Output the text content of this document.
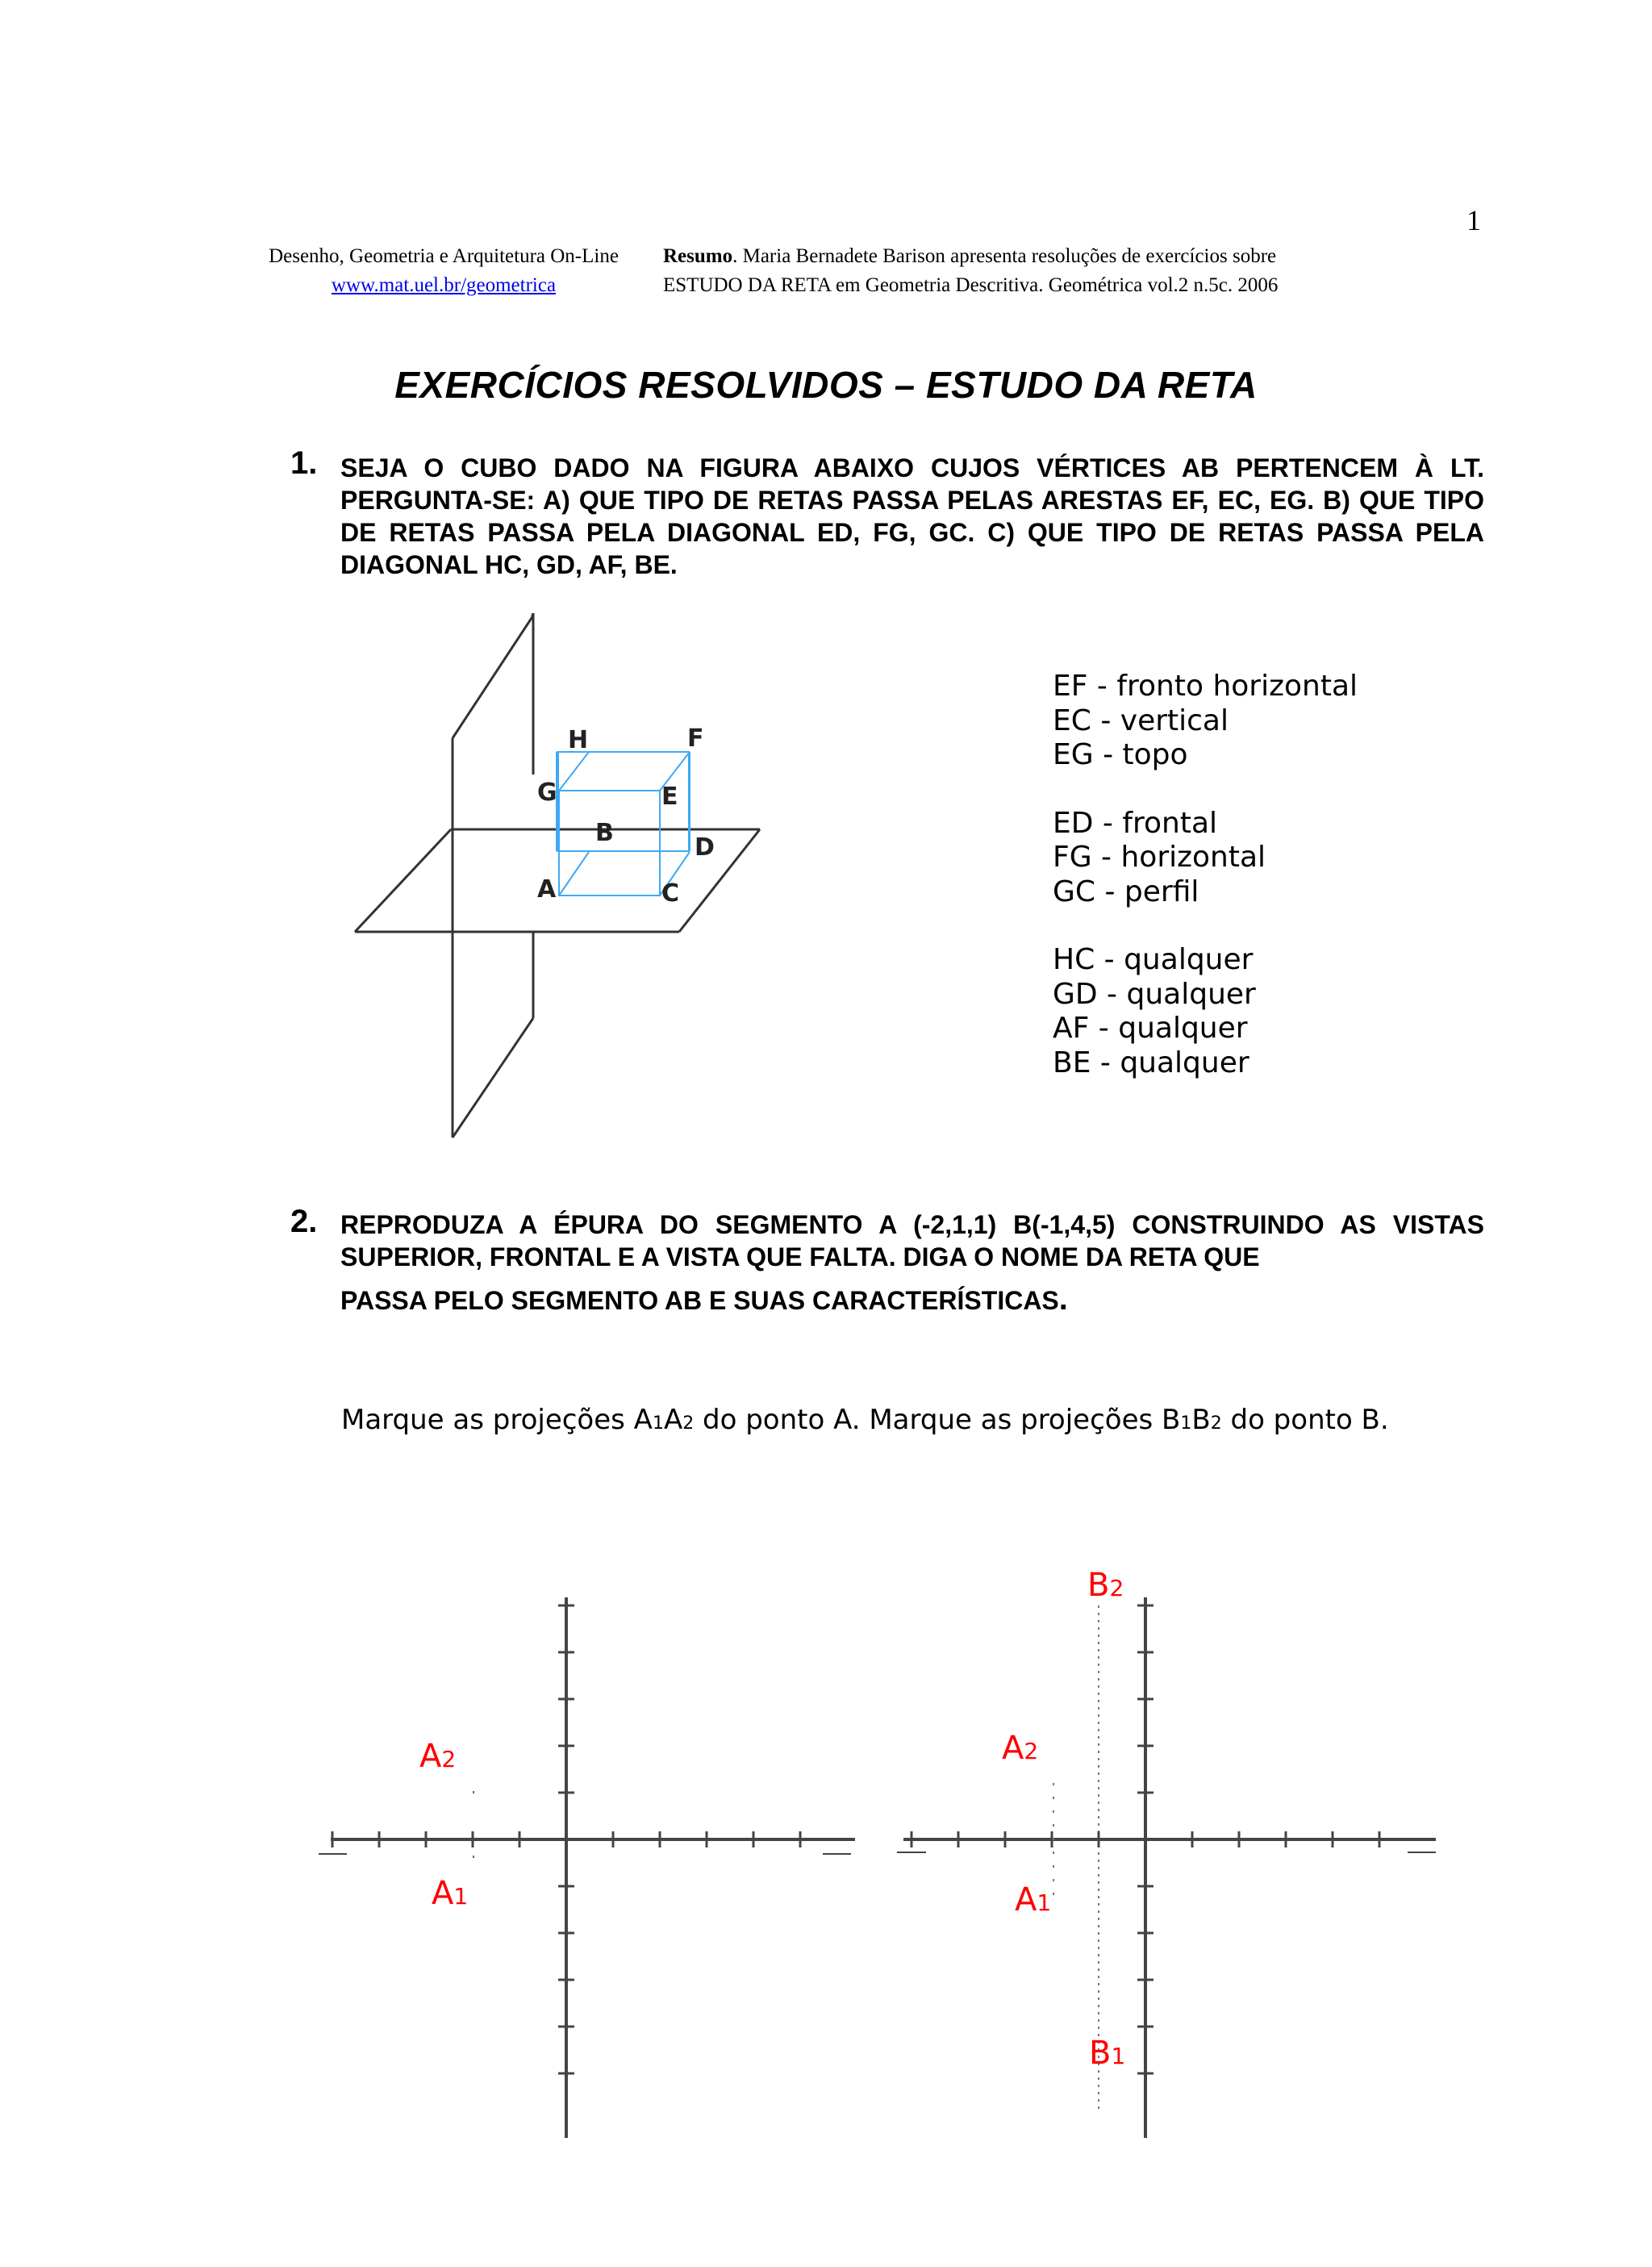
1
Desenho, Geometria e Arquitetura On-Line
www.mat.uel.br/geometrica
Resumo. Maria Bernadete Barison apresenta resoluções de exercícios sobre
ESTUDO DA RETA em Geometria Descritiva. Geométrica vol.2 n.5c. 2006
EXERCÍCIOS RESOLVIDOS – ESTUDO DA RETA
1. SEJA O CUBO DADO NA FIGURA ABAIXO CUJOS VÉRTICES AB PERTENCEM À LT. PERGUNTA-SE: A) QUE TIPO DE RETAS PASSA PELAS ARESTAS EF, EC, EG. B) QUE TIPO DE RETAS PASSA PELA DIAGONAL ED, FG, GC. C) QUE TIPO DE RETAS PASSA PELA DIAGONAL HC, GD, AF, BE.
H	F
G	E
B
D
A	C
EF - fronto horizontal
EC - vertical
EG - topo
ED - frontal
FG - horizontal
GC - perfil
HC - qualquer
GD - qualquer
AF - qualquer
BE - qualquer
2. REPRODUZA A ÉPURA DO SEGMENTO A (-2,1,1) B(-1,4,5) CONSTRUINDO AS VISTAS SUPERIOR, FRONTAL E A VISTA QUE FALTA. DIGA O NOME DA RETA QUE
PASSA PELO SEGMENTO AB E SUAS CARACTERÍSTICAS.
Marque as projeções A1A2 do ponto A. Marque as projeções B1B2 do ponto B.
A2
A1
B2
A2
A1
B1
